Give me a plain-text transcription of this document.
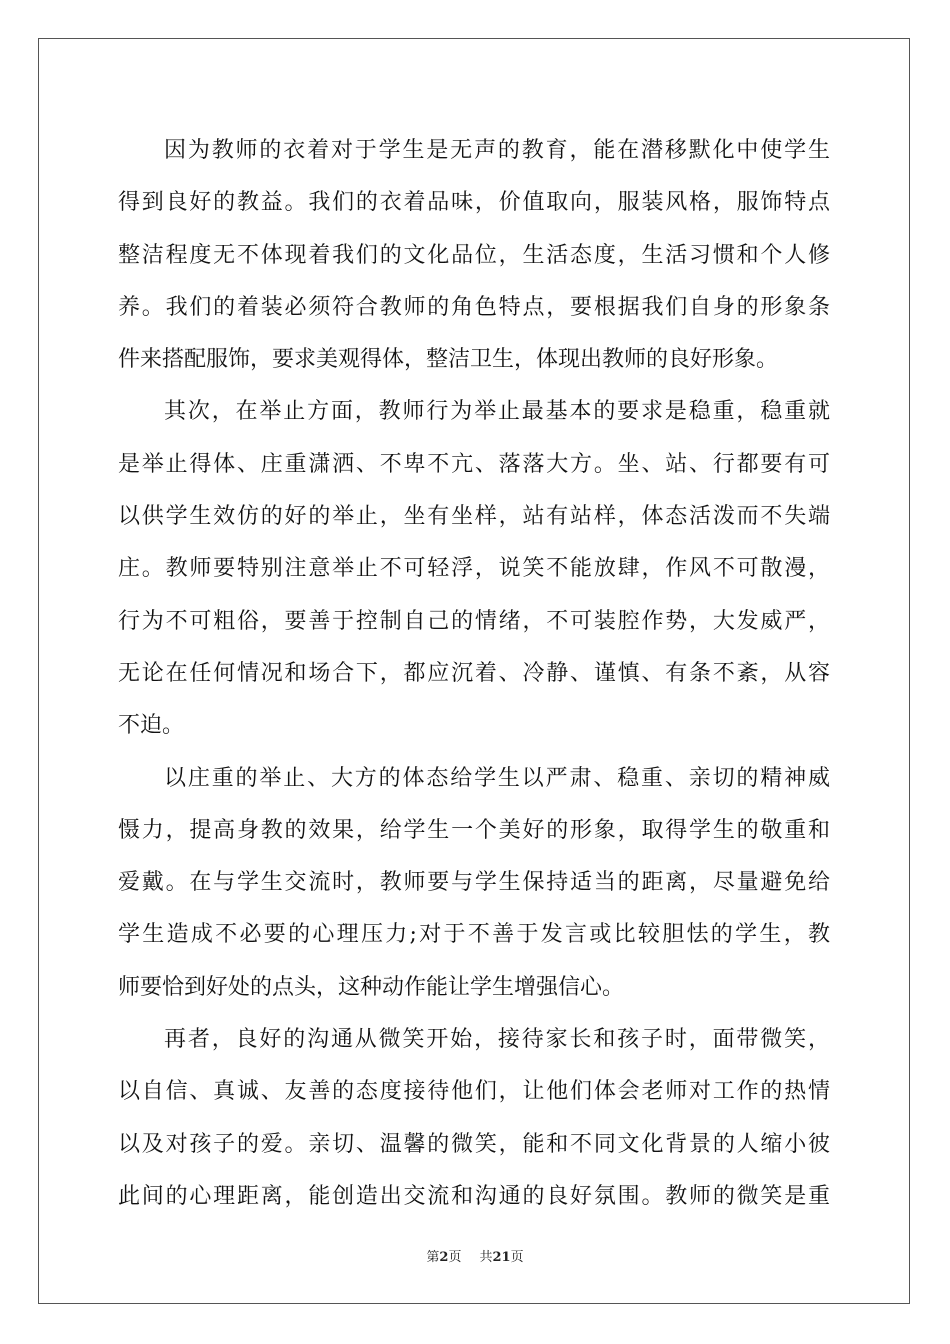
因为教师的衣着对于学生是无声的教育，能在潜移默化中使学生
得到良好的教益。我们的衣着品味，价值取向，服装风格，服饰特点
整洁程度无不体现着我们的文化品位，生活态度，生活习惯和个人修
养。我们的着装必须符合教师的角色特点，要根据我们自身的形象条
件来搭配服饰，要求美观得体，整洁卫生，体现出教师的良好形象。
其次，在举止方面，教师行为举止最基本的要求是稳重，稳重就
是举止得体、庄重潇洒、不卑不亢、落落大方。坐、站、行都要有可
以供学生效仿的好的举止，坐有坐样，站有站样，体态活泼而不失端
庄。教师要特别注意举止不可轻浮，说笑不能放肆，作风不可散漫，
行为不可粗俗，要善于控制自己的情绪，不可装腔作势，大发威严，
无论在任何情况和场合下，都应沉着、冷静、谨慎、有条不紊，从容
不迫。
以庄重的举止、大方的体态给学生以严肃、稳重、亲切的精神威
慑力，提高身教的效果，给学生一个美好的形象，取得学生的敬重和
爱戴。在与学生交流时，教师要与学生保持适当的距离，尽量避免给
学生造成不必要的心理压力;对于不善于发言或比较胆怯的学生，教
师要恰到好处的点头，这种动作能让学生增强信心。
再者，良好的沟通从微笑开始，接待家长和孩子时，面带微笑，
以自信、真诚、友善的态度接待他们，让他们体会老师对工作的热情
以及对孩子的爱。亲切、温馨的微笑，能和不同文化背景的人缩小彼
此间的心理距离，能创造出交流和沟通的良好氛围。教师的微笑是重
第2页 共21页
